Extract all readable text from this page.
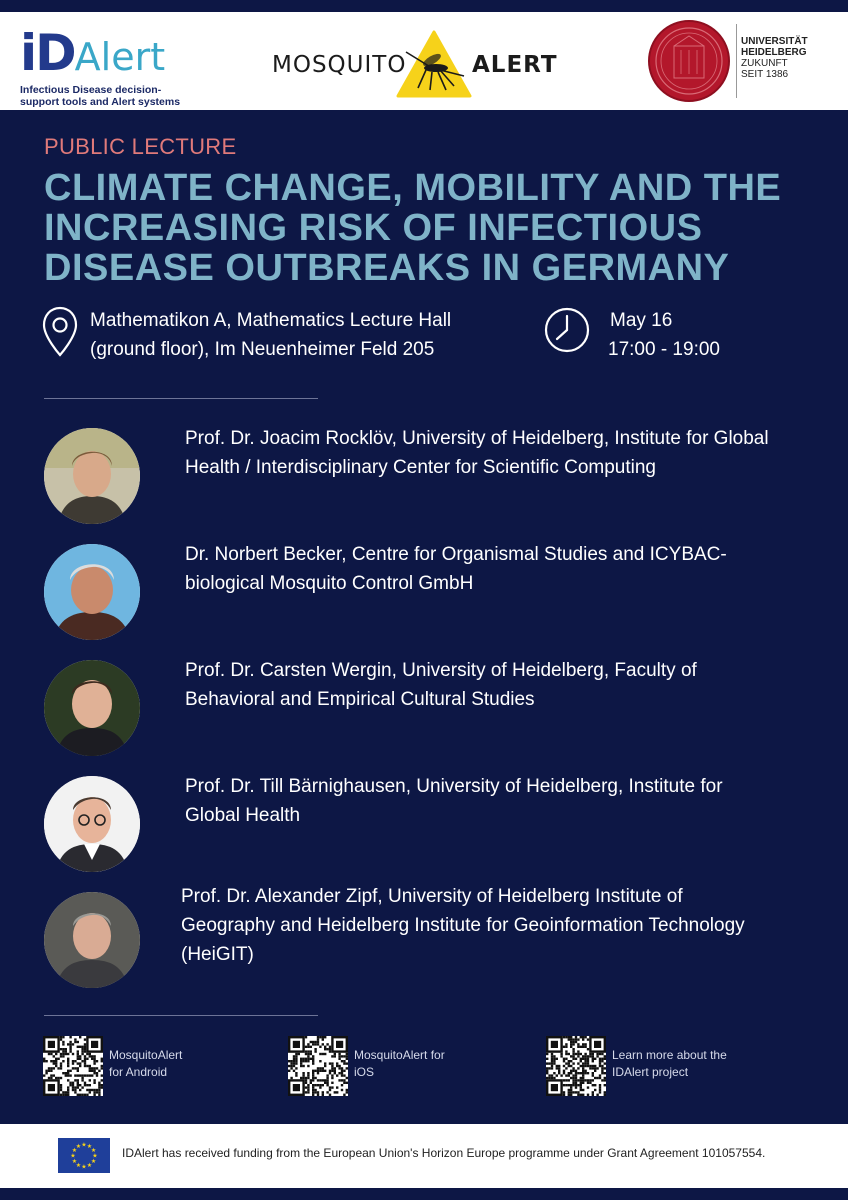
iDAlert
Infectious Disease decision-support tools and Alert systems
MOSQUITO	ALERT
UNIVERSITÄT
HEIDELBERG
ZUKUNFT
SEIT 1386
PUBLIC LECTURE
CLIMATE CHANGE, MOBILITY AND THE INCREASING RISK OF INFECTIOUS DISEASE OUTBREAKS IN GERMANY
Mathematikon A, Mathematics Lecture Hall
(ground floor), Im Neuenheimer Feld 205
May 16
17:00 - 19:00
Prof. Dr. Joacim Rocklöv, University of Heidelberg, Institute for Global Health / Interdisciplinary Center for Scientific Computing
Dr. Norbert Becker, Centre for Organismal Studies and ICYBAC-biological Mosquito Control GmbH
Prof. Dr. Carsten Wergin, University of Heidelberg, Faculty of Behavioral and Empirical Cultural Studies
Prof. Dr. Till Bärnighausen, University of Heidelberg, Institute for Global Health
Prof. Dr. Alexander Zipf, University of Heidelberg Institute of Geography and Heidelberg Institute for Geoinformation Technology (HeiGIT)
MosquitoAlert
for Android
MosquitoAlert for
iOS
Learn more about the
IDAlert project
★
★
★
★
★
★
★
★
★ ★ ★
★ IDAlert has received funding from the European Union's Horizon Europe programme under Grant Agreement 101057554.
